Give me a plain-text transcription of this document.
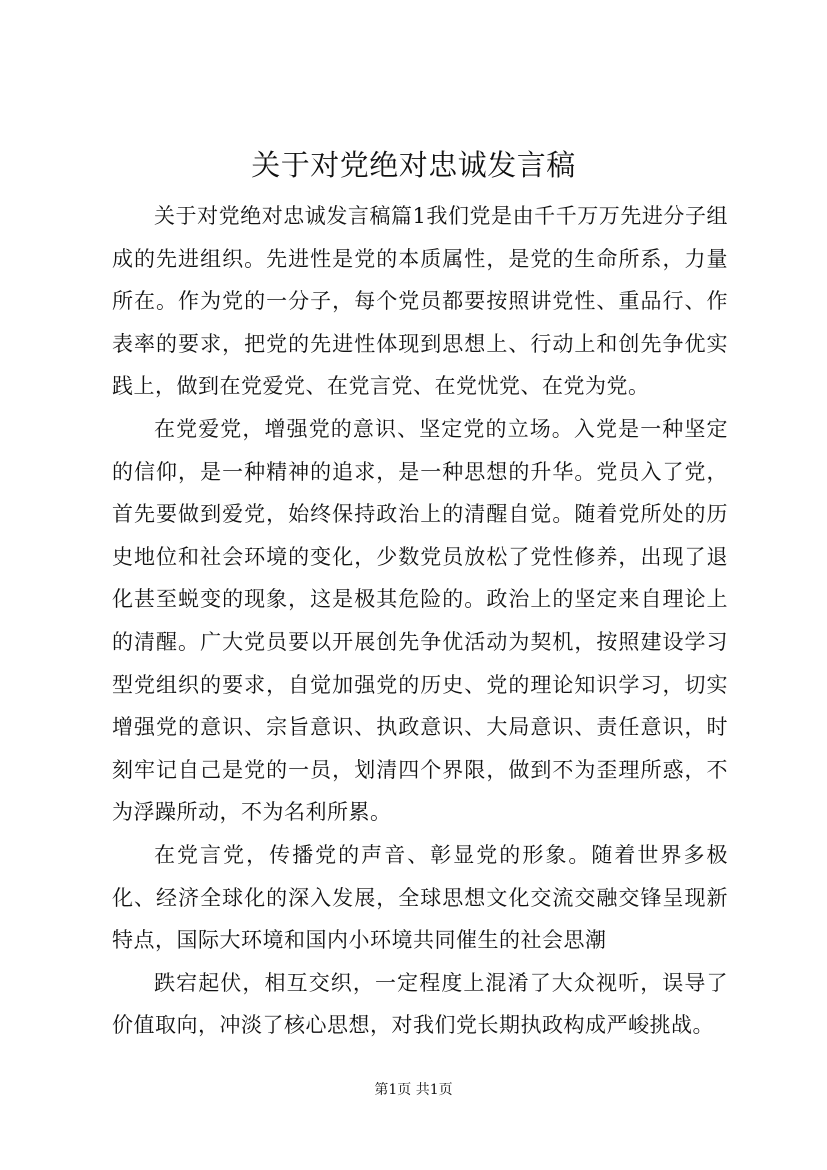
关于对党绝对忠诚发言稿

关于对党绝对忠诚发言稿篇1我们党是由千千万万先进分子组成的先进组织。先进性是党的本质属性，是党的生命所系，力量所在。作为党的一分子，每个党员都要按照讲党性、重品行、作表率的要求，把党的先进性体现到思想上、行动上和创先争优实践上，做到在党爱党、在党言党、在党忧党、在党为党。

在党爱党，增强党的意识、坚定党的立场。入党是一种坚定的信仰，是一种精神的追求，是一种思想的升华。党员入了党，首先要做到爱党，始终保持政治上的清醒自觉。随着党所处的历史地位和社会环境的变化，少数党员放松了党性修养，出现了退化甚至蜕变的现象，这是极其危险的。政治上的坚定来自理论上的清醒。广大党员要以开展创先争优活动为契机，按照建设学习型党组织的要求，自觉加强党的历史、党的理论知识学习，切实增强党的意识、宗旨意识、执政意识、大局意识、责任意识，时刻牢记自己是党的一员，划清四个界限，做到不为歪理所惑，不为浮躁所动，不为名利所累。

在党言党，传播党的声音、彰显党的形象。随着世界多极化、经济全球化的深入发展，全球思想文化交流交融交锋呈现新特点，国际大环境和国内小环境共同催生的社会思潮

跌宕起伏，相互交织，一定程度上混淆了大众视听，误导了价值取向，冲淡了核心思想，对我们党长期执政构成严峻挑战。

第1页 共1页
